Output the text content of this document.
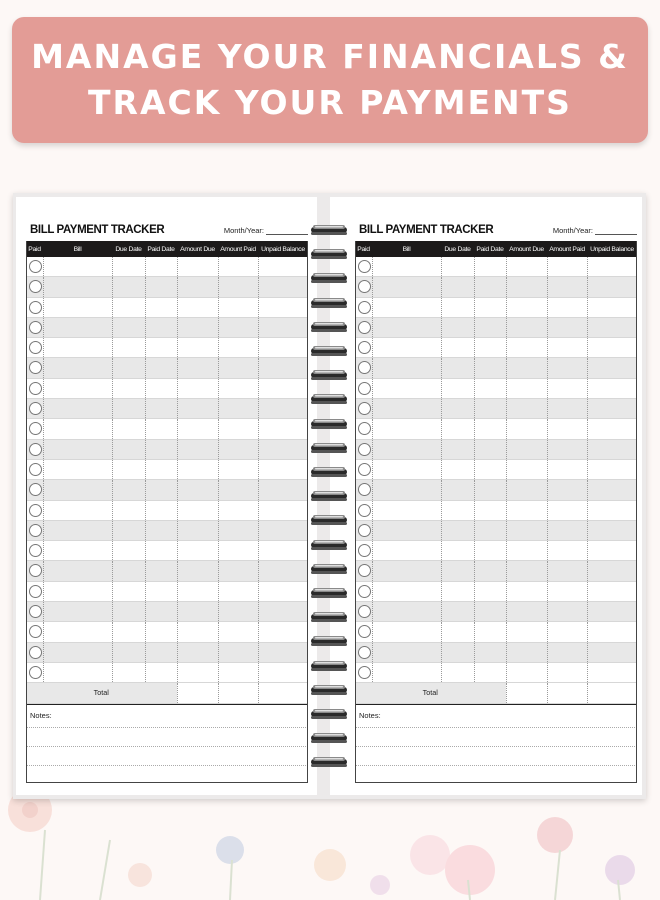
MANAGE YOUR FINANCIALS & TRACK YOUR PAYMENTS
BILL PAYMENT TRACKER	Month/Year:
Paid	Bill	Due Date	Paid Date	Amount Due	Amount Paid	Unpaid Balance

Total						
Notes:
BILL PAYMENT TRACKER	Month/Year:
Paid	Bill	Due Date	Paid Date	Amount Due	Amount Paid	Unpaid Balance

Total						
Notes:
